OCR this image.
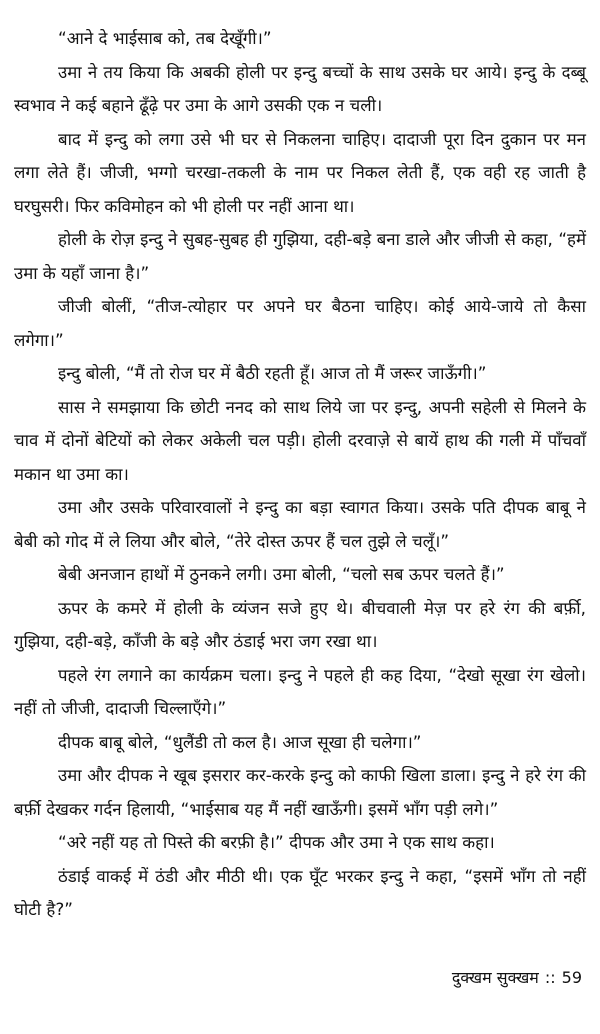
“आने दे भाईसाब को, तब देखूँगी।”

उमा ने तय किया कि अबकी होली पर इन्दु बच्चों के साथ उसके घर आये। इन्दु के दब्बू स्वभाव ने कई बहाने ढूँढ़े पर उमा के आगे उसकी एक न चली।

बाद में इन्दु को लगा उसे भी घर से निकलना चाहिए। दादाजी पूरा दिन दुकान पर मन लगा लेते हैं। जीजी, भग्गो चरखा-तकली के नाम पर निकल लेती हैं, एक वही रह जाती है घरघुसरी। फिर कविमोहन को भी होली पर नहीं आना था।

होली के रोज़ इन्दु ने सुबह-सुबह ही गुझिया, दही-बड़े बना डाले और जीजी से कहा, “हमें उमा के यहाँ जाना है।”

जीजी बोलीं, “तीज-त्योहार पर अपने घर बैठना चाहिए। कोई आये-जाये तो कैसा लगेगा।”

इन्दु बोली, “मैं तो रोज घर में बैठी रहती हूँ। आज तो मैं जरूर जाऊँगी।”

सास ने समझाया कि छोटी ननद को साथ लिये जा पर इन्दु, अपनी सहेली से मिलने के चाव में दोनों बेटियों को लेकर अकेली चल पड़ी। होली दरवाज़े से बायें हाथ की गली में पाँचवाँ मकान था उमा का।

उमा और उसके परिवारवालों ने इन्दु का बड़ा स्वागत किया। उसके पति दीपक बाबू ने बेबी को गोद में ले लिया और बोले, “तेरे दोस्त ऊपर हैं चल तुझे ले चलूँ।”

बेबी अनजान हाथों में ठुनकने लगी। उमा बोली, “चलो सब ऊपर चलते हैं।”

ऊपर के कमरे में होली के व्यंजन सजे हुए थे। बीचवाली मेज़ पर हरे रंग की बर्फ़ी, गुझिया, दही-बड़े, काँजी के बड़े और ठंडाई भरा जग रखा था।

पहले रंग लगाने का कार्यक्रम चला। इन्दु ने पहले ही कह दिया, “देखो सूखा रंग खेलो। नहीं तो जीजी, दादाजी चिल्लाएँगे।”

दीपक बाबू बोले, “धुलैंडी तो कल है। आज सूखा ही चलेगा।”

उमा और दीपक ने खूब इसरार कर-करके इन्दु को काफी खिला डाला। इन्दु ने हरे रंग की बर्फ़ी देखकर गर्दन हिलायी, “भाईसाब यह मैं नहीं खाऊँगी। इसमें भाँग पड़ी लगे।”

“अरे नहीं यह तो पिस्ते की बरफ़ी है।” दीपक और उमा ने एक साथ कहा।

ठंडाई वाकई में ठंडी और मीठी थी। एक घूँट भरकर इन्दु ने कहा, “इसमें भाँग तो नहीं घोटी है?”

दुक्खम सुक्खम :: 59
